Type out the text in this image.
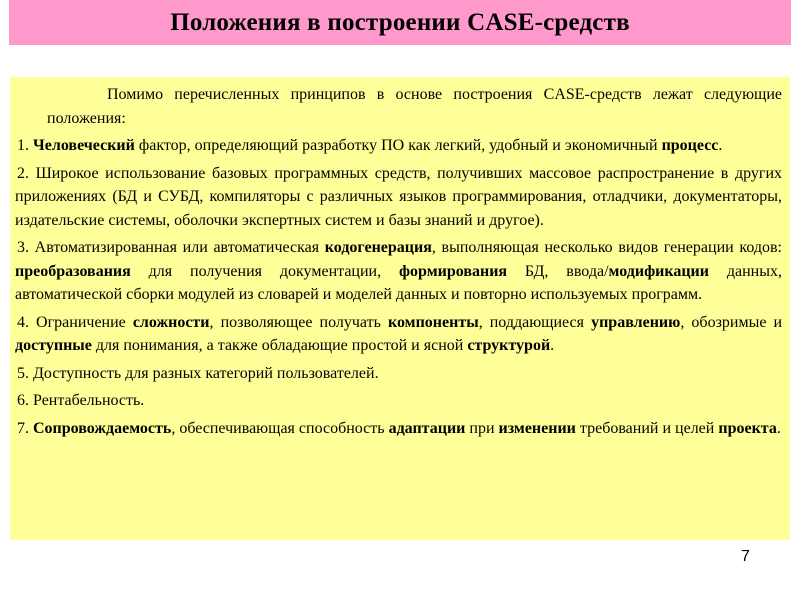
Положения в построении CASE-средств

Помимо перечисленных принципов в основе построения CASE-средств лежат следующие положения:

1. Человеческий фактор, определяющий разработку ПО как легкий, удобный и экономичный процесс.

2. Широкое использование базовых программных средств, получивших массовое распространение в других приложениях (БД и СУБД, компиляторы с различных языков программирования, отладчики, документаторы, издательские системы, оболочки экспертных систем и базы знаний и другое).

3. Автоматизированная или автоматическая кодогенерация, выполняющая несколько видов генерации кодов: преобразования для получения документации, формирования БД, ввода/модификации данных, автоматической сборки модулей из словарей и моделей данных и повторно используемых программ.

4. Ограничение сложности, позволяющее получать компоненты, поддающиеся управлению, обозримые и доступные для понимания, а также обладающие простой и ясной структурой.

5. Доступность для разных категорий пользователей.

6. Рентабельность.

7. Сопровождаемость, обеспечивающая способность адаптации при изменении требований и целей проекта.

7
